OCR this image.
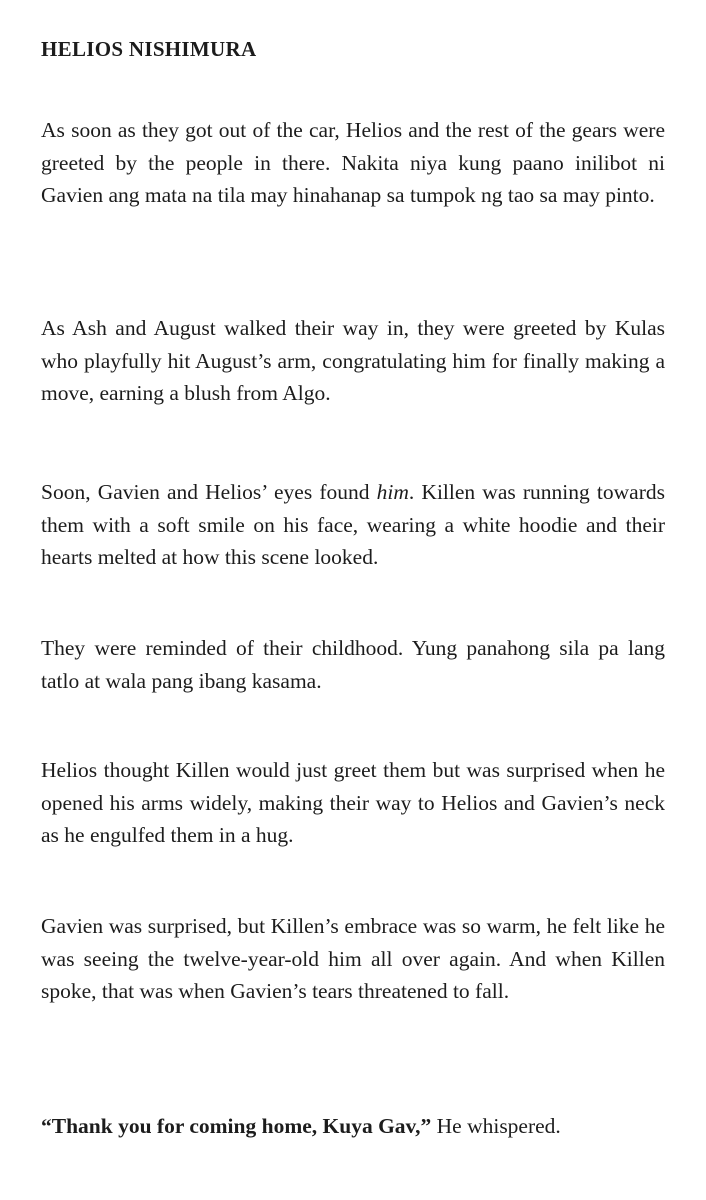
HELIOS NISHIMURA

As soon as they got out of the car, Helios and the rest of the gears were greeted by the people in there. Nakita niya kung paano inilibot ni Gavien ang mata na tila may hinahanap sa tumpok ng tao sa may pinto.

As Ash and August walked their way in, they were greeted by Kulas who playfully hit August’s arm, congratulating him for finally making a move, earning a blush from Algo.

Soon, Gavien and Helios’ eyes found him. Killen was running towards them with a soft smile on his face, wearing a white hoodie and their hearts melted at how this scene looked.

They were reminded of their childhood. Yung panahong sila pa lang tatlo at wala pang ibang kasama.

Helios thought Killen would just greet them but was surprised when he opened his arms widely, making their way to Helios and Gavien’s neck as he engulfed them in a hug.

Gavien was surprised, but Killen’s embrace was so warm, he felt like he was seeing the twelve-year-old him all over again. And when Killen spoke, that was when Gavien’s tears threatened to fall.

“Thank you for coming home, Kuya Gav,” He whispered.
